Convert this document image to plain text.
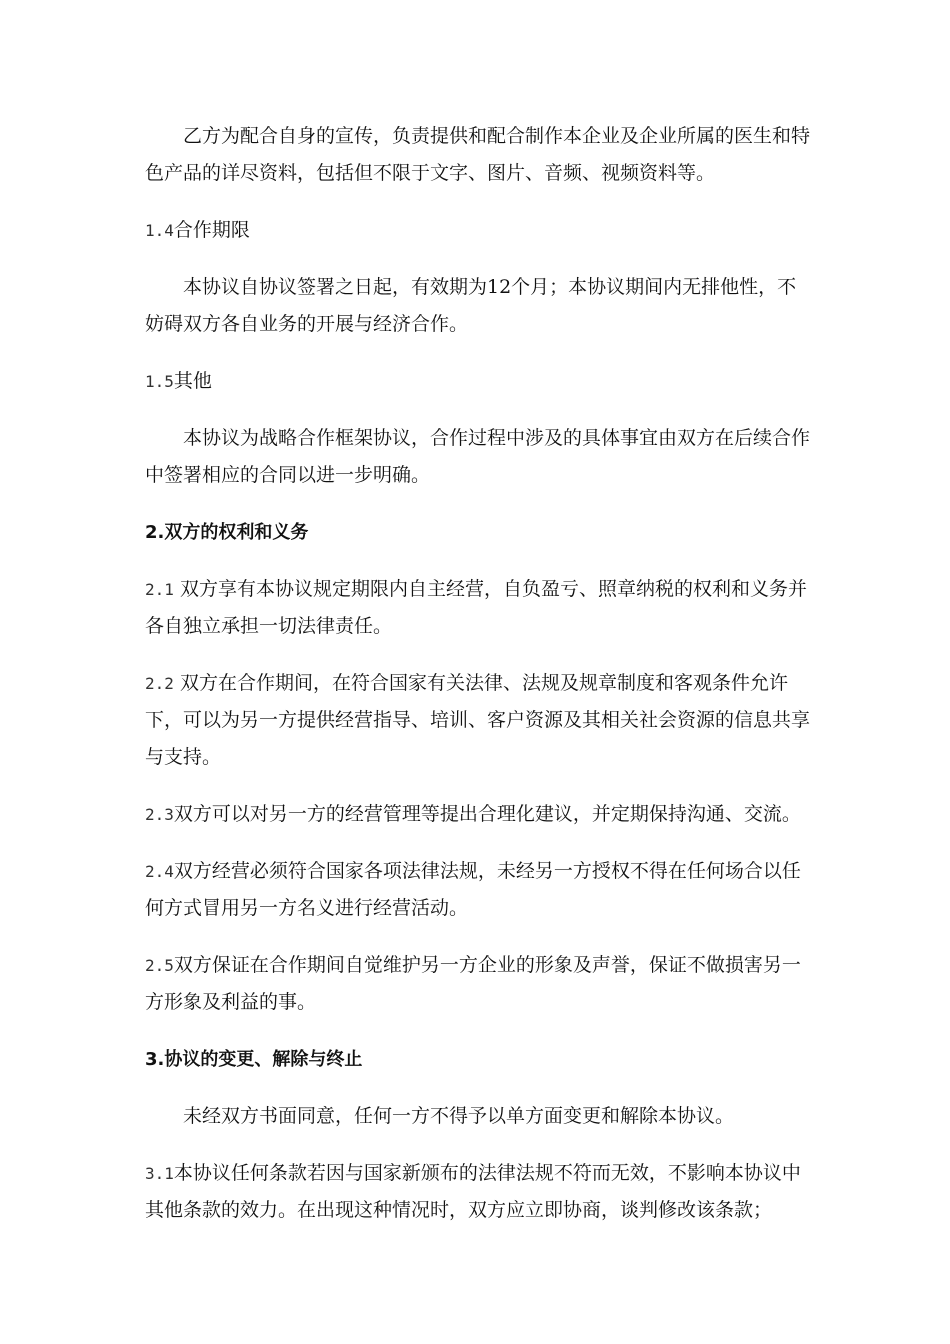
乙方为配合自身的宣传，负责提供和配合制作本企业及企业所属的医生和特色产品的详尽资料，包括但不限于文字、图片、音频、视频资料等。

1.4合作期限

本协议自协议签署之日起，有效期为12个月；本协议期间内无排他性，不妨碍双方各自业务的开展与经济合作。

1.5其他

本协议为战略合作框架协议，合作过程中涉及的具体事宜由双方在后续合作中签署相应的合同以进一步明确。

2.双方的权利和义务

2.1 双方享有本协议规定期限内自主经营，自负盈亏、照章纳税的权利和义务并各自独立承担一切法律责任。

2.2 双方在合作期间，在符合国家有关法律、法规及规章制度和客观条件允许下，可以为另一方提供经营指导、培训、客户资源及其相关社会资源的信息共享与支持。

2.3双方可以对另一方的经营管理等提出合理化建议，并定期保持沟通、交流。

2.4双方经营必须符合国家各项法律法规，未经另一方授权不得在任何场合以任何方式冒用另一方名义进行经营活动。

2.5双方保证在合作期间自觉维护另一方企业的形象及声誉，保证不做损害另一方形象及利益的事。

3.协议的变更、解除与终止

未经双方书面同意，任何一方不得予以单方面变更和解除本协议。

3.1本协议任何条款若因与国家新颁布的法律法规不符而无效，不影响本协议中其他条款的效力。在出现这种情况时，双方应立即协商，谈判修改该条款；
